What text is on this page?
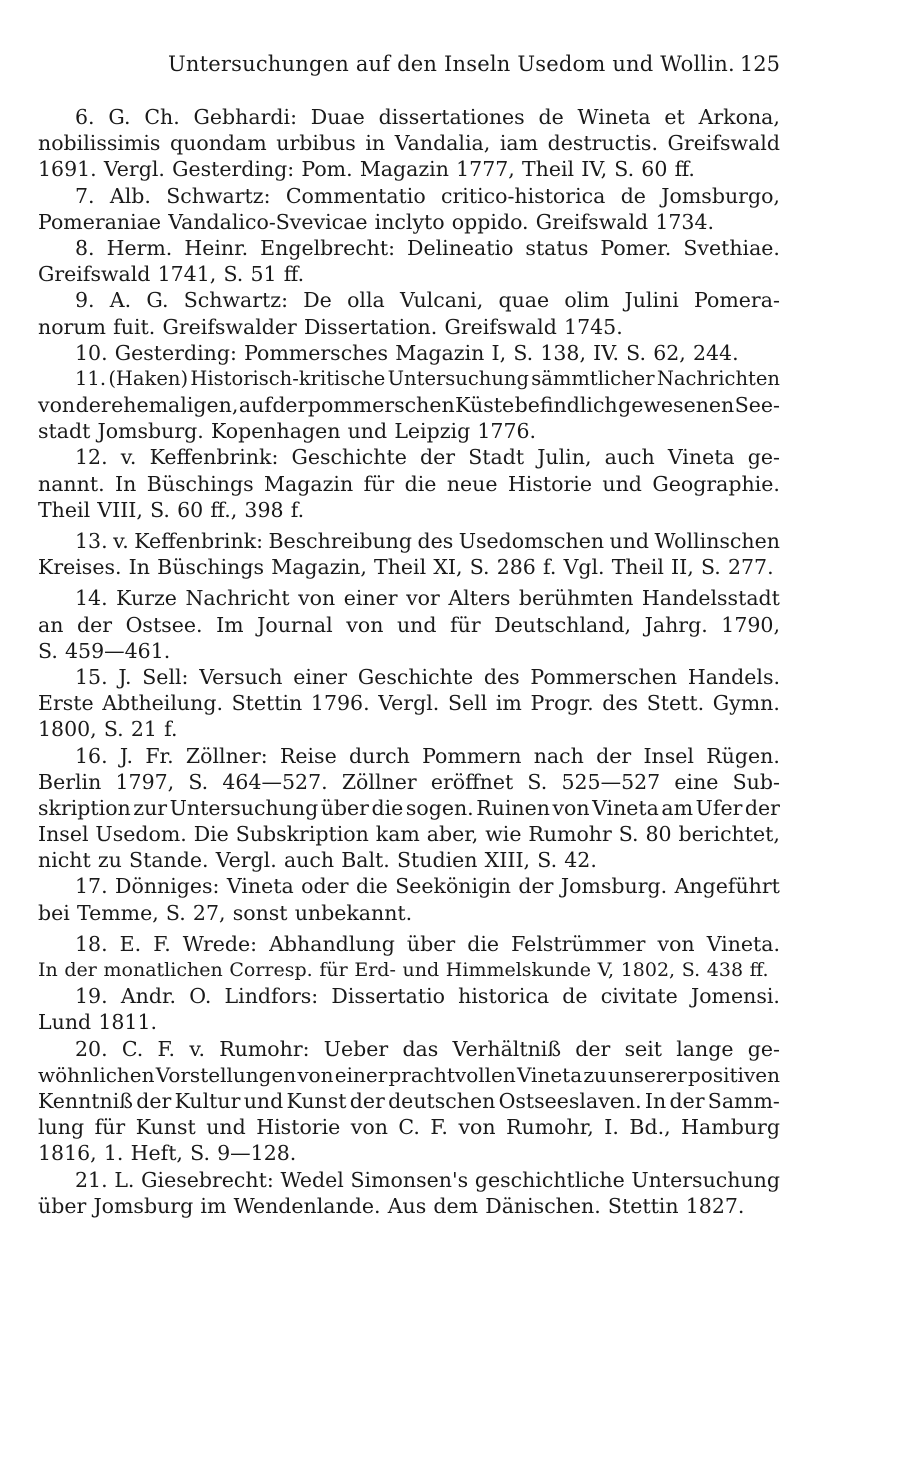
Untersuchungen auf den Inseln Usedom und Wollin. 125
6. G. Ch. Gebhardi: Duae dissertationes de Wineta et Arkona,
nobilissimis quondam urbibus in Vandalia, iam destructis. Greifswald
1691. Vergl. Gesterding: Pom. Magazin 1777, Theil IV, S. 60 ff.
7. Alb. Schwartz: Commentatio critico-historica de Jomsburgo,
Pomeraniae Vandalico-Svevicae inclyto oppido. Greifswald 1734.
8. Herm. Heinr. Engelbrecht: Delineatio status Pomer. Svethiae.
Greifswald 1741, S. 51 ff.
9. A. G. Schwartz: De olla Vulcani, quae olim Julini Pomera-
norum fuit. Greifswalder Dissertation. Greifswald 1745.
10. Gesterding: Pommersches Magazin I, S. 138, IV. S. 62, 244.
11. (Haken) Historisch-kritische Untersuchung sämmtlicher Nachrichten
von der ehemaligen, auf der pommerschen Küste befindlich gewesenen See-
stadt Jomsburg. Kopenhagen und Leipzig 1776.
12. v. Keffenbrink: Geschichte der Stadt Julin, auch Vineta ge-
nannt. In Büschings Magazin für die neue Historie und Geographie.
Theil VIII, S. 60 ff., 398 f.
13. v. Keffenbrink: Beschreibung des Usedomschen und Wollinschen
Kreises. In Büschings Magazin, Theil XI, S. 286 f. Vgl. Theil II, S. 277.
14. Kurze Nachricht von einer vor Alters berühmten Handelsstadt
an der Ostsee. Im Journal von und für Deutschland, Jahrg. 1790,
S. 459—461.
15. J. Sell: Versuch einer Geschichte des Pommerschen Handels.
Erste Abtheilung. Stettin 1796. Vergl. Sell im Progr. des Stett. Gymn.
1800, S. 21 f.
16. J. Fr. Zöllner: Reise durch Pommern nach der Insel Rügen.
Berlin 1797, S. 464—527. Zöllner eröffnet S. 525—527 eine Sub-
skription zur Untersuchung über die sogen. Ruinen von Vineta am Ufer der
Insel Usedom. Die Subskription kam aber, wie Rumohr S. 80 berichtet,
nicht zu Stande. Vergl. auch Balt. Studien XIII, S. 42.
17. Dönniges: Vineta oder die Seekönigin der Jomsburg. Angeführt
bei Temme, S. 27, sonst unbekannt.
18. E. F. Wrede: Abhandlung über die Felstrümmer von Vineta.
In der monatlichen Corresp. für Erd- und Himmelskunde V, 1802, S. 438 ff.
19. Andr. O. Lindfors: Dissertatio historica de civitate Jomensi.
Lund 1811.
20. C. F. v. Rumohr: Ueber das Verhältniß der seit lange ge-
wöhnlichen Vorstellungen von einer prachtvollen Vineta zu unserer positiven
Kenntniß der Kultur und Kunst der deutschen Ostseeslaven. In der Samm-
lung für Kunst und Historie von C. F. von Rumohr, I. Bd., Hamburg
1816, 1. Heft, S. 9—128.
21. L. Giesebrecht: Wedel Simonsen's geschichtliche Untersuchung
über Jomsburg im Wendenlande. Aus dem Dänischen. Stettin 1827.
